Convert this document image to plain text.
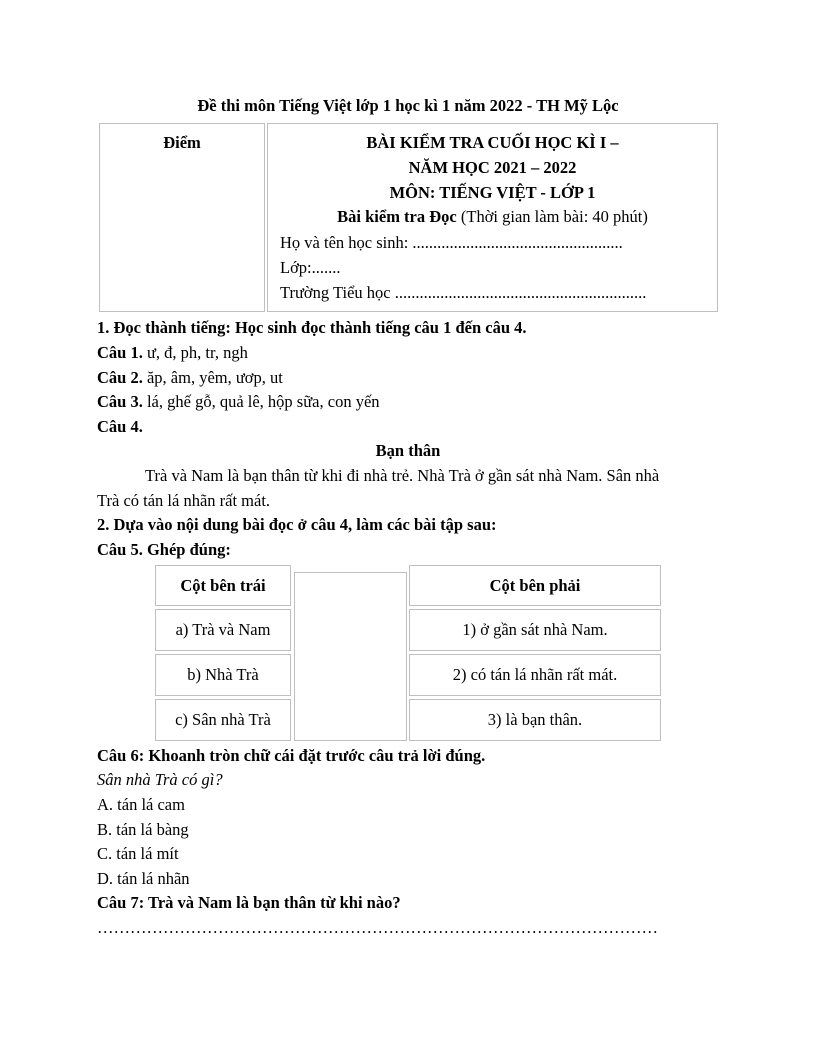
Đề thi môn Tiếng Việt lớp 1 học kì 1 năm 2022 - TH Mỹ Lộc
Điểm	BÀI KIỂM TRA CUỐI HỌC KÌ I –
NĂM HỌC 2021 – 2022
MÔN: TIẾNG VIỆT - LỚP 1
Bài kiểm tra Đọc (Thời gian làm bài: 40 phút)
Họ và tên học sinh: ...................................................
Lớp:.......
Trường Tiểu học .............................................................
1. Đọc thành tiếng: Học sinh đọc thành tiếng câu 1 đến câu 4.
Câu 1. ư, đ, ph, tr, ngh
Câu 2. ăp, âm, yêm, ươp, ut
Câu 3. lá, ghế gỗ, quả lê, hộp sữa, con yến
Câu 4.
Bạn thân
Trà và Nam là bạn thân từ khi đi nhà trẻ. Nhà Trà ở gần sát nhà Nam. Sân nhà
Trà có tán lá nhãn rất mát.
2. Dựa vào nội dung bài đọc ở câu 4, làm các bài tập sau:
Câu 5. Ghép đúng:
Cột bên trái
a) Trà và Nam
b) Nhà Trà
c) Sân nhà Trà
Cột bên phải
1) ở gần sát nhà Nam.
2) có tán lá nhãn rất mát.
3) là bạn thân.
Câu 6: Khoanh tròn chữ cái đặt trước câu trả lời đúng.
Sân nhà Trà có gì?
A. tán lá cam
B. tán lá bàng
C. tán lá mít
D. tán lá nhãn
Câu 7: Trà và Nam là bạn thân từ khi nào?
…………………………………………………………………………………………
